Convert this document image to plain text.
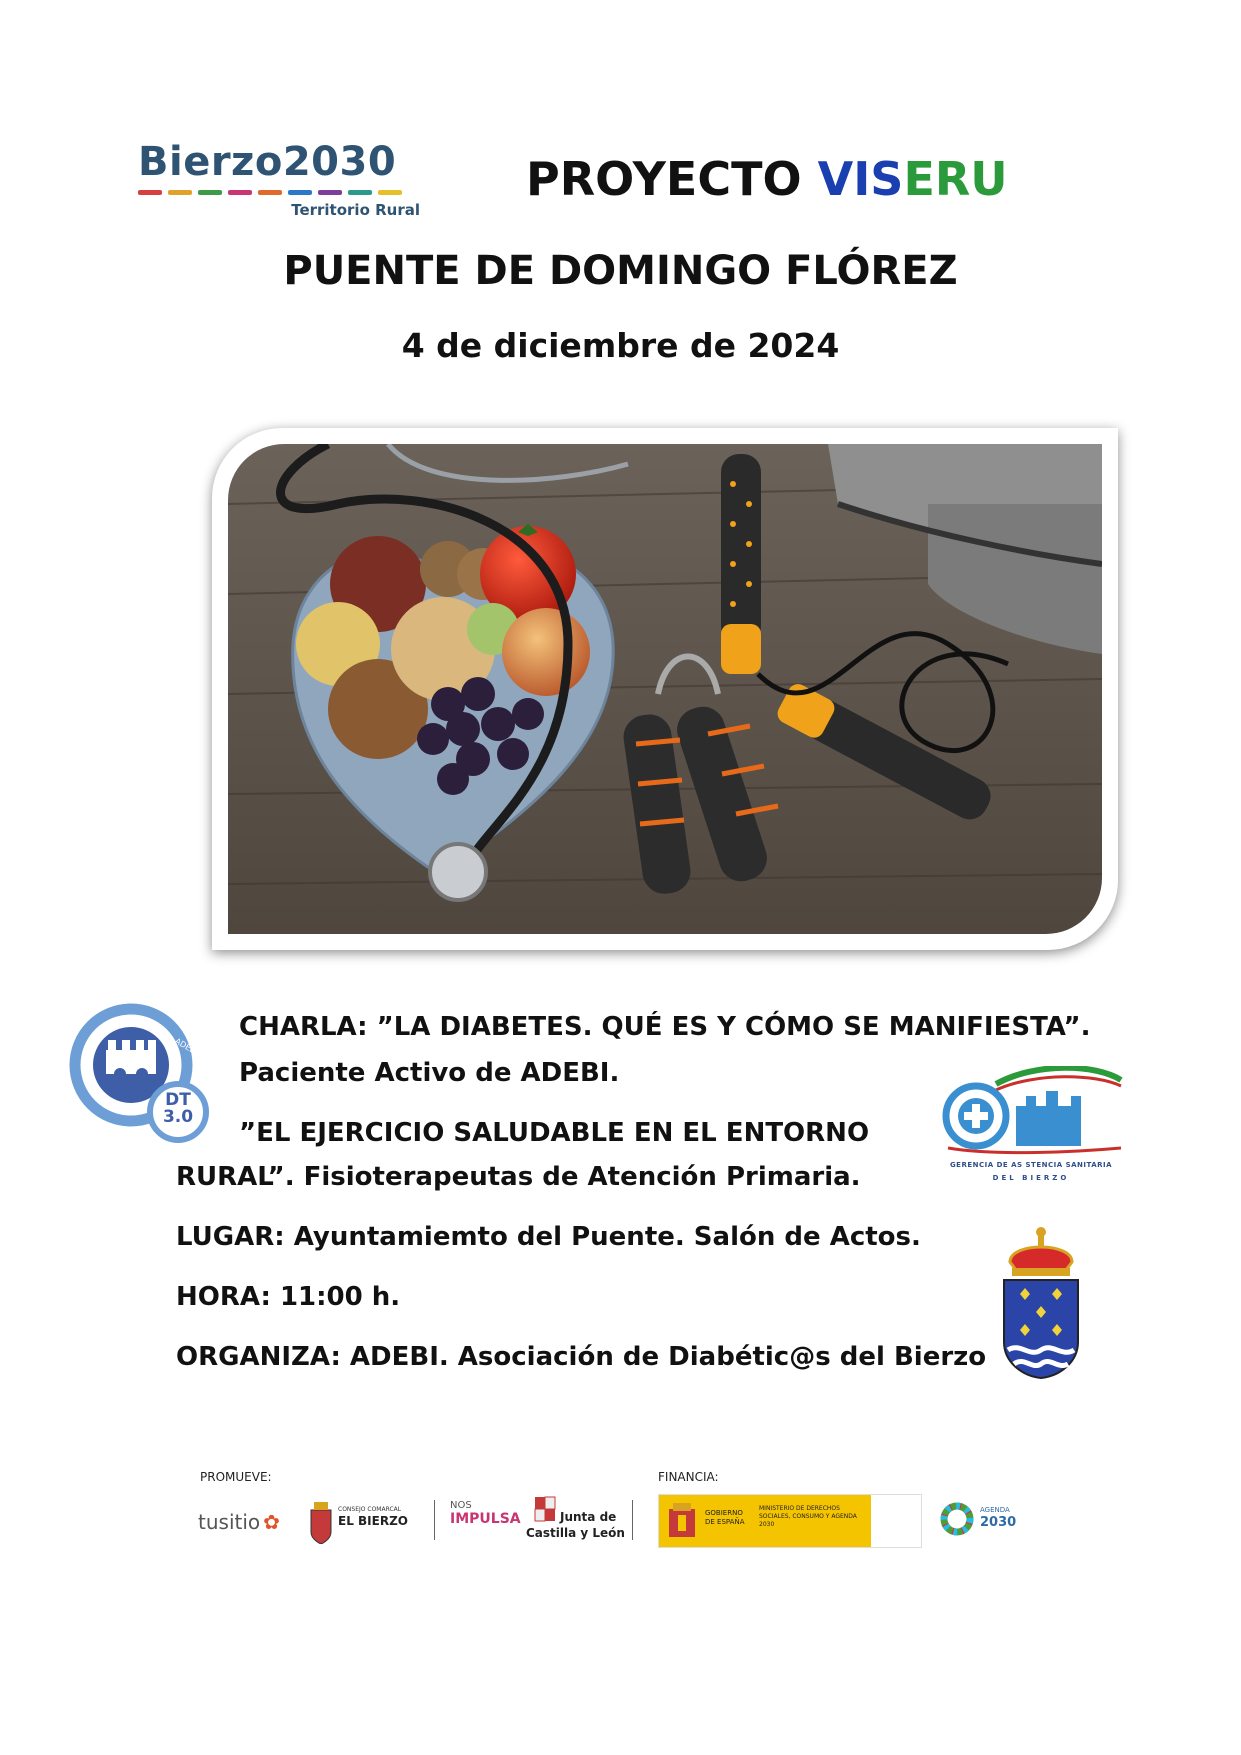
Bierzo2030
Territorio Rural
PROYECTO VISERU
PUENTE DE DOMINGO FLÓREZ
4 de diciembre de 2024
DT 3.0
ADEBI
CHARLA: ”LA DIABETES. QUÉ ES Y CÓMO SE MANIFIESTA”.
Paciente Activo de ADEBI.
”EL EJERCICIO SALUDABLE EN EL ENTORNO
RURAL”. Fisioterapeutas de Atención Primaria.
LUGAR: Ayuntamiemto del Puente. Salón de Actos.
HORA: 11:00 h.
ORGANIZA: ADEBI. Asociación de Diabétic@s del Bierzo
GERENCIA DE AS STENCIA SANITARIA
DEL BIERZO
PROMUEVE:	FINANCIA:
tusitio ✿
CONSEJO COMARCAL
EL BIERZO
NOS
IMPULSA	Junta de
Castilla y León
GOBIERNO DE ESPAÑA
MINISTERIO DE DERECHOS SOCIALES, CONSUMO Y AGENDA 2030
AGENDA
2030
